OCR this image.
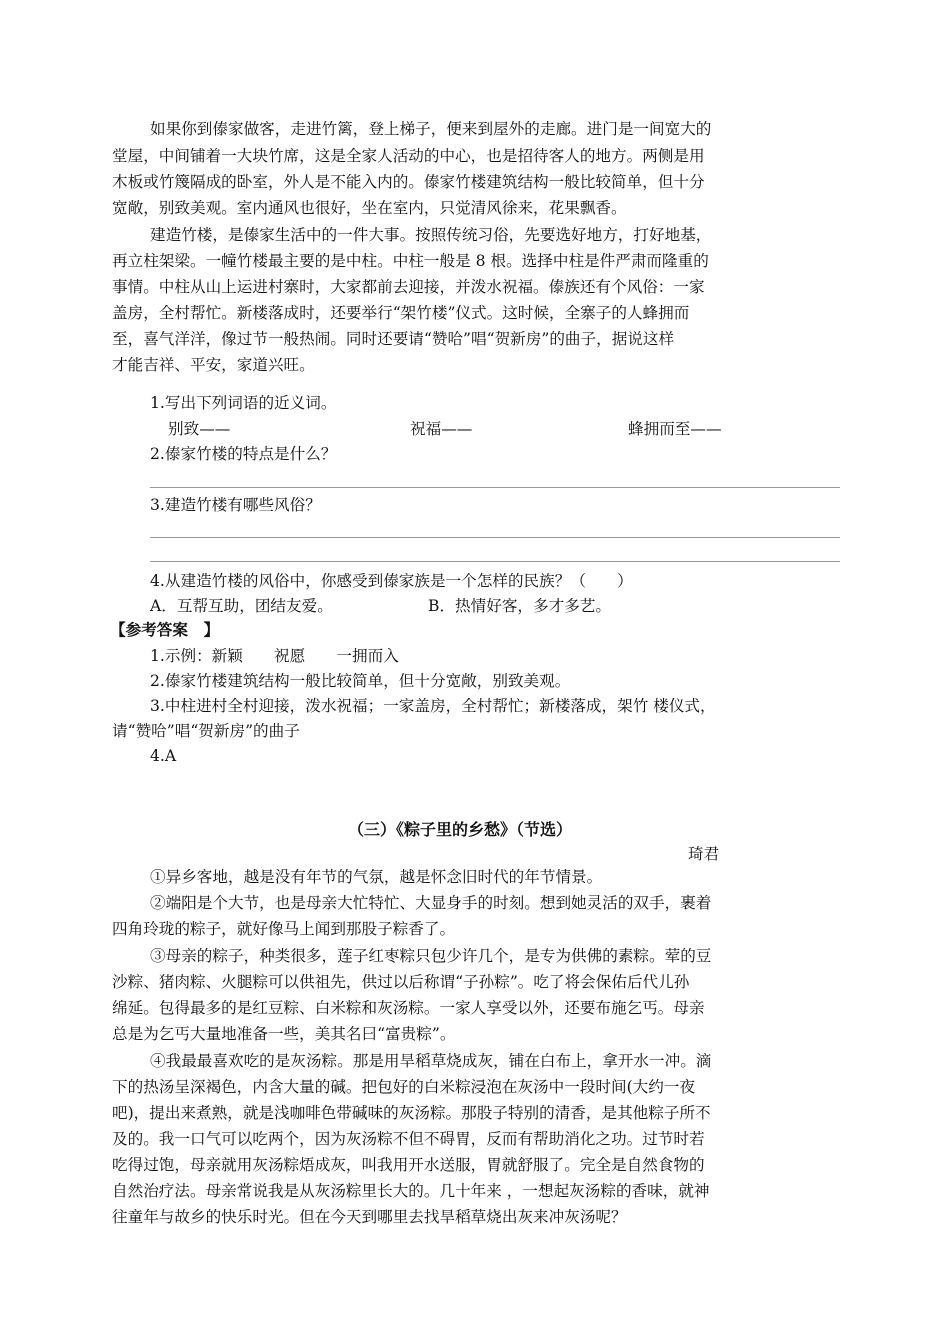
如果你到傣家做客，走进竹篱，登上梯子，便来到屋外的走廊。进门是一间宽大的
堂屋，中间铺着一大块竹席，这是全家人活动的中心，也是招待客人的地方。两侧是用
木板或竹篾隔成的卧室，外人是不能入内的。傣家竹楼建筑结构一般比较简单，但十分
宽敞，别致美观。室内通风也很好，坐在室内，只觉清风徐来，花果飘香。
建造竹楼，是傣家生活中的一件大事。按照传统习俗，先要选好地方，打好地基，
再立柱架梁。一幢竹楼最主要的是中柱。中柱一般是 8 根。选择中柱是件严肃而隆重的
事情。中柱从山上运进村寨时，大家都前去迎接，并泼水祝福。傣族还有个风俗：一家
盖房，全村帮忙。新楼落成时，还要举行“架竹楼”仪式。这时候，全寨子的人蜂拥而
至，喜气洋洋，像过节一般热闹。同时还要请“赞哈”唱“贺新房”的曲子，据说这样
才能吉祥、平安，家道兴旺。
1.写出下列词语的近义词。
别致——	祝福——	蜂拥而至——
2.傣家竹楼的特点是什么？
3.建造竹楼有哪些风俗？
4.从建造竹楼的风俗中，你感受到傣家族是一个怎样的民族？（　　）
A．互帮互助，团结友爱。	B．热情好客，多才多艺。
【参考答案　】
1.示例：新颖　　祝愿　　一拥而入
2.傣家竹楼建筑结构一般比较简单，但十分宽敞，别致美观。
3.中柱进村全村迎接，泼水祝福；一家盖房，全村帮忙；新楼落成，架竹 楼仪式，
请“赞哈”唱“贺新房”的曲子
4.A
（三）《粽子里的乡愁》（节选）
琦君
①异乡客地，越是没有年节的气氛，越是怀念旧时代的年节情景。
②端阳是个大节，也是母亲大忙特忙、大显身手的时刻。想到她灵活的双手，裹着
四角玲珑的粽子，就好像马上闻到那股子粽香了。
③母亲的粽子，种类很多，莲子红枣粽只包少许几个，是专为供佛的素粽。荤的豆
沙粽、猪肉粽、火腿粽可以供祖先，供过以后称谓“子孙粽”。吃了将会保佑后代儿孙
绵延。包得最多的是红豆粽、白米粽和灰汤粽。一家人享受以外，还要布施乞丐。母亲
总是为乞丐大量地准备一些，美其名曰“富贵粽”。
④我最最喜欢吃的是灰汤粽。那是用旱稻草烧成灰，铺在白布上，拿开水一冲。滴
下的热汤呈深褐色，内含大量的碱。把包好的白米粽浸泡在灰汤中一段时间(大约一夜
吧)，提出来煮熟，就是浅咖啡色带碱味的灰汤粽。那股子特别的清香，是其他粽子所不
及的。我一口气可以吃两个，因为灰汤粽不但不碍胃，反而有帮助消化之功。过节时若
吃得过饱，母亲就用灰汤粽焐成灰，叫我用开水送服，胃就舒服了。完全是自然食物的
自然治疗法。母亲常说我是从灰汤粽里长大的。几十年来 ，一想起灰汤粽的香味，就神
往童年与故乡的快乐时光。但在今天到哪里去找旱稻草烧出灰来冲灰汤呢？
